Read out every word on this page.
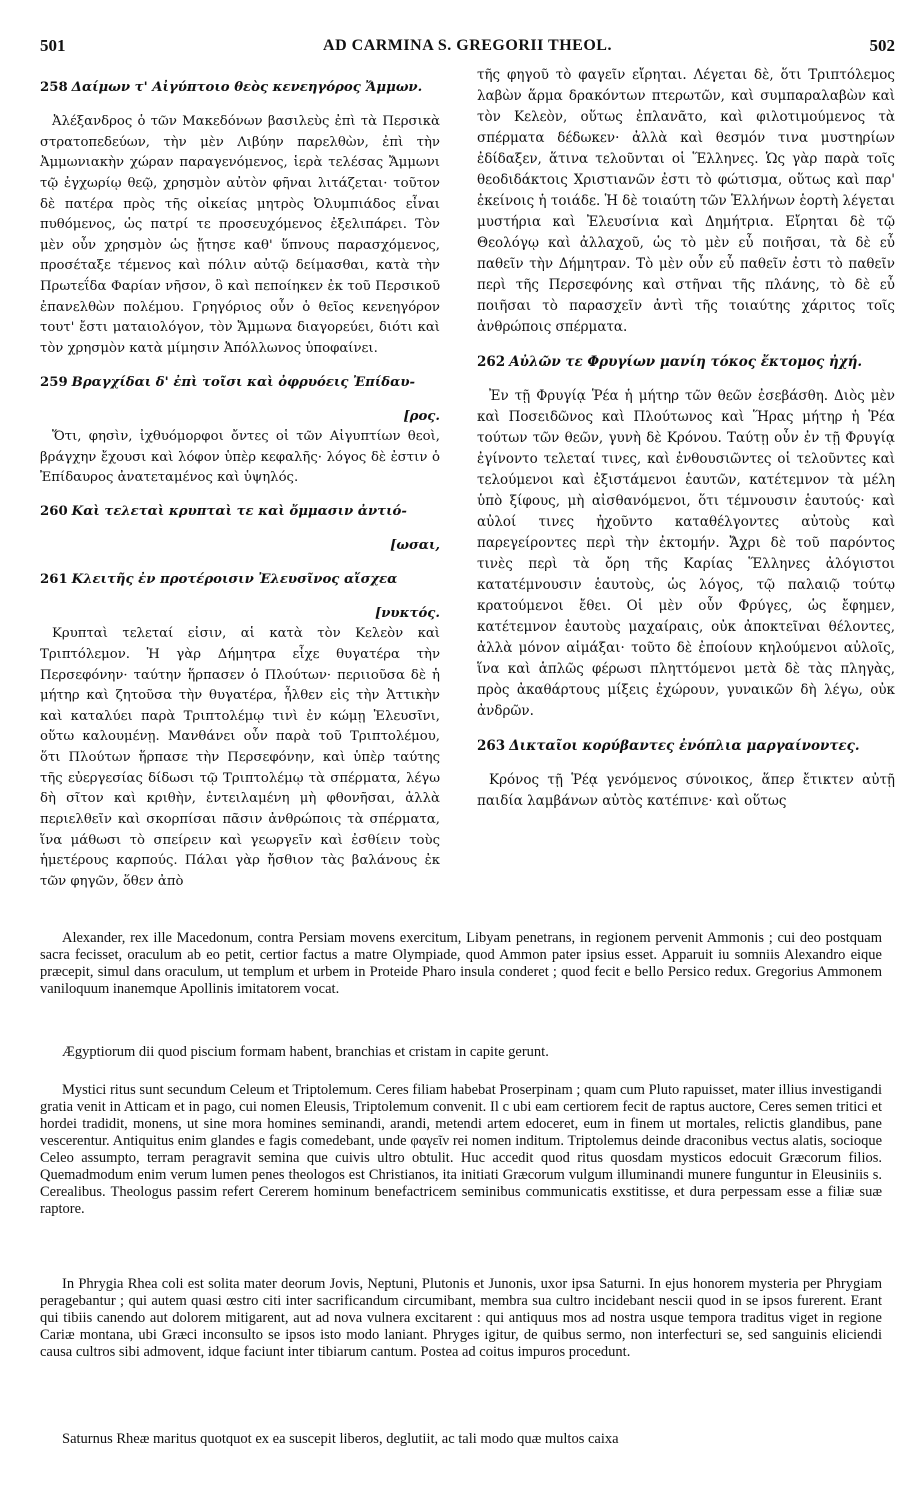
501	AD CARMINA S. GREGORII THEOL.	502

258 Δαίμων τ' Αἰγύπτοιο θεὸς κενεηγόρος Ἄμμων.

Ἀλέξανδρος ὁ τῶν Μακεδόνων βασιλεὺς ἐπὶ τὰ Περσικὰ στρατοπεδεύων, τὴν μὲν Λιβύην παρελθὼν, ἐπὶ τὴν Ἀμμωνιακὴν χώραν παραγενόμενος, ἱερὰ τελέσας Ἄμμωνι τῷ ἐγχωρίῳ θεῷ, χρησμὸν αὐτὸν φῆναι λιτάζεται· τοῦτον δὲ πατέρα πρὸς τῆς οἰκείας μητρὸς Ὀλυμπιάδος εἶναι πυθόμενος, ὡς πατρί τε προσευχόμενος ἐξελιπάρει. Τὸν μὲν οὖν χρησμὸν ὡς ᾔτησε καθ' ὕπνους παρασχόμενος, προσέταξε τέμενος καὶ πόλιν αὐτῷ δείμασθαι, κατὰ τὴν Πρωτεΐδα Φαρίαν νῆσον, ὃ καὶ πεποίηκεν ἐκ τοῦ Περσικοῦ ἐπανελθὼν πολέμου. Γρηγόριος οὖν ὁ θεῖος κενεηγόρον τουτ' ἔστι ματαιολόγον, τὸν Ἄμμωνα διαγορεύει, διότι καὶ τὸν χρησμὸν κατὰ μίμησιν Ἀπόλλωνος ὑποφαίνει.

259 Βραγχίδαι δ' ἐπὶ τοῖσι καὶ ὀφρυόεις Ἐπίδαυ-

[ρος.

Ὅτι, φησὶν, ἰχθυόμορφοι ὄντες οἱ τῶν Αἰγυπτίων θεοὶ, βράγχην ἔχουσι καὶ λόφον ὑπὲρ κεφαλῆς· λόγος δὲ ἐστιν ὁ Ἐπίδαυρος ἀνατεταμένος καὶ ὑψηλός.

260 Καὶ τελεταὶ κρυπταὶ τε καὶ ὄμμασιν ἀντιό-

[ωσαι,

261 Κλειτῆς ἐν προτέροισιν Ἐλευσῖνος αἴσχεα

[νυκτός.

Κρυπταὶ τελεταί εἰσιν, αἱ κατὰ τὸν Κελεὸν καὶ Τριπτόλεμον. Ἡ γὰρ Δήμητρα εἶχε θυγατέρα τὴν Περσεφόνην· ταύτην ἥρπασεν ὁ Πλούτων· περιιοῦσα δὲ ἡ μήτηρ καὶ ζητοῦσα τὴν θυγατέρα, ἦλθεν εἰς τὴν Ἀττικὴν καὶ καταλύει παρὰ Τριπτολέμῳ τινὶ ἐν κώμῃ Ἐλευσῖνι, οὕτω καλουμένῃ. Μανθάνει οὖν παρὰ τοῦ Τριπτολέμου, ὅτι Πλούτων ἥρπασε τὴν Περσεφόνην, καὶ ὑπὲρ ταύτης τῆς εὐεργεσίας δίδωσι τῷ Τριπτολέμῳ τὰ σπέρματα, λέγω δὴ σῖτον καὶ κριθὴν, ἐντειλαμένη μὴ φθονῆσαι, ἀλλὰ περιελθεῖν καὶ σκορπίσαι πᾶσιν ἀνθρώποις τὰ σπέρματα, ἵνα μάθωσι τὸ σπείρειν καὶ γεωργεῖν καὶ ἐσθίειν τοὺς ἡμετέρους καρπούς. Πάλαι γὰρ ἤσθιον τὰς βαλάνους ἐκ τῶν φηγῶν, ὅθεν ἀπὸ

τῆς φηγοῦ τὸ φαγεῖν εἴρηται. Λέγεται δὲ, ὅτι Τριπτόλεμος λαβὼν ἅρμα δρακόντων πτερωτῶν, καὶ συμπαραλαβὼν καὶ τὸν Κελεὸν, οὕτως ἐπλανᾶτο, καὶ φιλοτιμούμενος τὰ σπέρματα δέδωκεν· ἀλλὰ καὶ θεσμόν τινα μυστηρίων ἐδίδαξεν, ἅτινα τελοῦνται οἱ Ἕλληνες. Ὡς γὰρ παρὰ τοῖς θεοδιδάκτοις Χριστιανῶν ἐστι τὸ φώτισμα, οὕτως καὶ παρ' ἐκείνοις ἡ τοιάδε. Ἡ δὲ τοιαύτη τῶν Ἑλλήνων ἑορτὴ λέγεται μυστήρια καὶ Ἐλευσίνια καὶ Δημήτρια. Εἴρηται δὲ τῷ Θεολόγῳ καὶ ἀλλαχοῦ, ὡς τὸ μὲν εὖ ποιῆσαι, τὰ δὲ εὖ παθεῖν τὴν Δήμητραν. Τὸ μὲν οὖν εὖ παθεῖν ἐστι τὸ παθεῖν περὶ τῆς Περσεφόνης καὶ στῆναι τῆς πλάνης, τὸ δὲ εὖ ποιῆσαι τὸ παρασχεῖν ἀντὶ τῆς τοιαύτης χάριτος τοῖς ἀνθρώποις σπέρματα.

262 Αὐλῶν τε Φρυγίων μανίη τόκος ἔκτομος ἠχή.

Ἐν τῇ Φρυγίᾳ Ῥέα ἡ μήτηρ τῶν θεῶν ἐσεβάσθη. Διὸς μὲν καὶ Ποσειδῶνος καὶ Πλούτωνος καὶ Ἥρας μήτηρ ἡ Ῥέα τούτων τῶν θεῶν, γυνὴ δὲ Κρόνου. Ταύτῃ οὖν ἐν τῇ Φρυγίᾳ ἐγίνοντο τελεταί τινες, καὶ ἐνθουσιῶντες οἱ τελοῦντες καὶ τελούμενοι καὶ ἐξιστάμενοι ἑαυτῶν, κατέτεμνον τὰ μέλη ὑπὸ ξίφους, μὴ αἰσθανόμενοι, ὅτι τέμνουσιν ἑαυτούς· καὶ αὐλοί τινες ἠχοῦντο καταθέλγοντες αὐτοὺς καὶ παρεγείροντες περὶ τὴν ἐκτομήν. Ἄχρι δὲ τοῦ παρόντος τινὲς περὶ τὰ ὄρη τῆς Καρίας Ἕλληνες ἀλόγιστοι κατατέμνουσιν ἑαυτοὺς, ὡς λόγος, τῷ παλαιῷ τούτῳ κρατούμενοι ἔθει. Οἱ μὲν οὖν Φρύγες, ὡς ἔφημεν, κατέτεμνον ἑαυτοὺς μαχαίραις, οὐκ ἀποκτεῖναι θέλοντες, ἀλλὰ μόνον αἱμάξαι· τοῦτο δὲ ἐποίουν κηλούμενοι αὐλοῖς, ἵνα καὶ ἁπλῶς φέρωσι πληττόμενοι μετὰ δὲ τὰς πληγὰς, πρὸς ἀκαθάρτους μίξεις ἐχώρουν, γυναικῶν δὴ λέγω, οὐκ ἀνδρῶν.

263 Δικταῖοι κορύβαντες ἐνόπλια μαργαίνοντες.

Κρόνος τῇ Ῥέᾳ γενόμενος σύνοικος, ἅπερ ἔτικτεν αὐτῇ παιδία λαμβάνων αὐτὸς κατέπινε· καὶ οὕτως

Alexander, rex ille Macedonum, contra Persiam movens exercitum, Libyam penetrans, in regionem pervenit Ammonis ; cui deo postquam sacra fecisset, oraculum ab eo petit, certior factus a matre Olympiade, quod Ammon pater ipsius esset. Apparuit iu somniis Alexandro eique præcepit, simul dans oraculum, ut templum et urbem in Proteide Pharo insula conderet ; quod fecit e bello Persico redux. Gregorius Ammonem vaniloquum inanemque Apollinis imitatorem vocat.

Ægyptiorum dii quod piscium formam habent, branchias et cristam in capite gerunt.

Mystici ritus sunt secundum Celeum et Triptolemum. Ceres filiam habebat Proserpinam ; quam cum Pluto rapuisset, mater illius investigandi gratia venit in Atticam et in pago, cui nomen Eleusis, Triptolemum convenit. Il c ubi eam certiorem fecit de raptus auctore, Ceres semen tritici et hordei tradidit, monens, ut sine mora homines seminandi, arandi, metendi artem edoceret, eum in finem ut mortales, relictis glandibus, pane vescerentur. Antiquitus enim glandes e fagis comedebant, unde φαγεῖν rei nomen inditum. Triptolemus deinde draconibus vectus alatis, socioque Celeo assumpto, terram peragravit semina que cuivis ultro obtulit. Huc accedit quod ritus quosdam mysticos edocuit Græcorum filios. Quemadmodum enim verum lumen penes theologos est Christianos, ita initiati Græcorum vulgum illuminandi munere funguntur in Eleusiniis s. Cerealibus. Theologus passim refert Cererem hominum benefactricem seminibus communicatis exstitisse, et dura perpessam esse a filiæ suæ raptore.

In Phrygia Rhea coli est solita mater deorum Jovis, Neptuni, Plutonis et Junonis, uxor ipsa Saturni. In ejus honorem mysteria per Phrygiam peragebantur ; qui autem quasi œstro citi inter sacrificandum circumibant, membra sua cultro incidebant nescii quod in se ipsos furerent. Erant qui tibiis canendo aut dolorem mitigarent, aut ad nova vulnera excitarent : qui antiquus mos ad nostra usque tempora traditus viget in regione Cariæ montana, ubi Græci inconsulto se ipsos isto modo laniant. Phryges igitur, de quibus sermo, non interfecturi se, sed sanguinis eliciendi causa cultros sibi admovent, idque faciunt inter tibiarum cantum. Postea ad coitus impuros procedunt.

Saturnus Rheæ maritus quotquot ex ea suscepit liberos, deglutiit, ac tali modo quæ multos caixa
